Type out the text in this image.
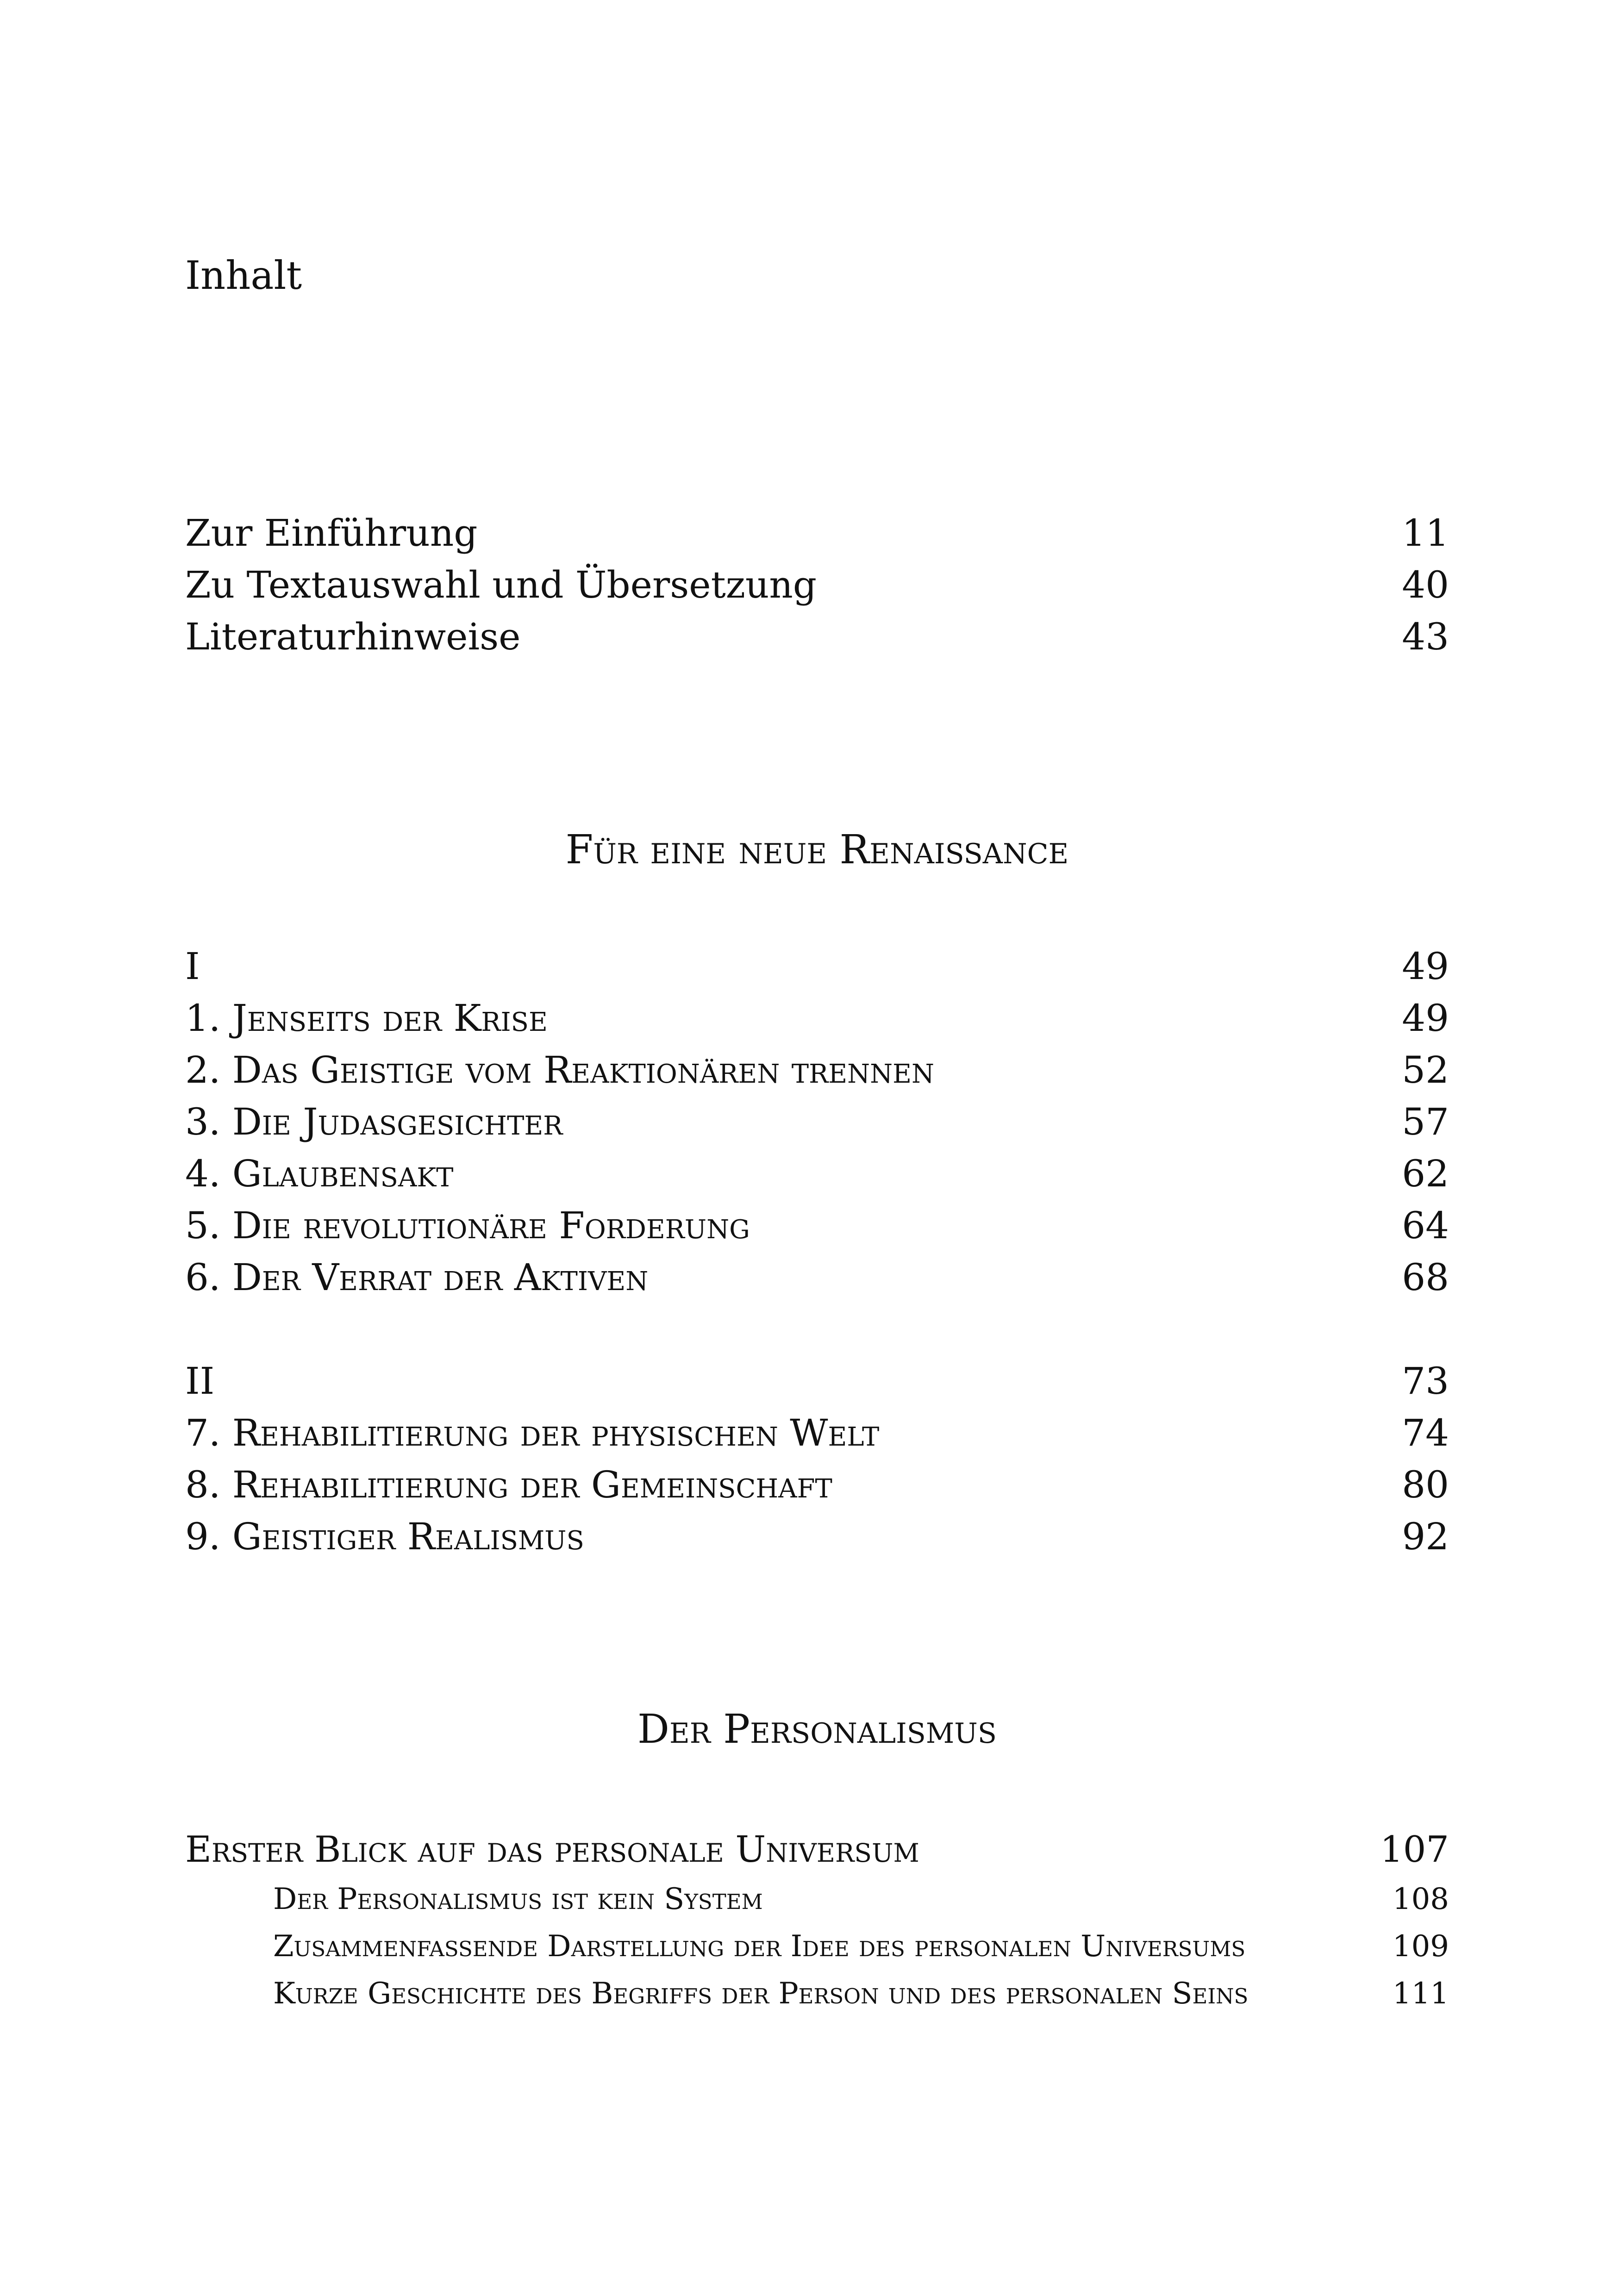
Inhalt
Zur Einführung	11
Zu Textauswahl und Übersetzung	40
Literaturhinweise	43
Für eine neue Renaissance
I	49
1. Jenseits der Krise	49
2. Das Geistige vom Reaktionären trennen	52
3. Die Judasgesichter	57
4. Glaubensakt	62
5. Die revolutionäre Forderung	64
6. Der Verrat der Aktiven	68
II	73
7. Rehabilitierung der physischen Welt	74
8. Rehabilitierung der Gemeinschaft	80
9. Geistiger Realismus	92
Der Personalismus
Erster Blick auf das personale Universum	107
Der Personalismus ist kein System	108
Zusammenfassende Darstellung der Idee des personalen Universums	109
Kurze Geschichte des Begriffs der Person und des personalen Seins	111
